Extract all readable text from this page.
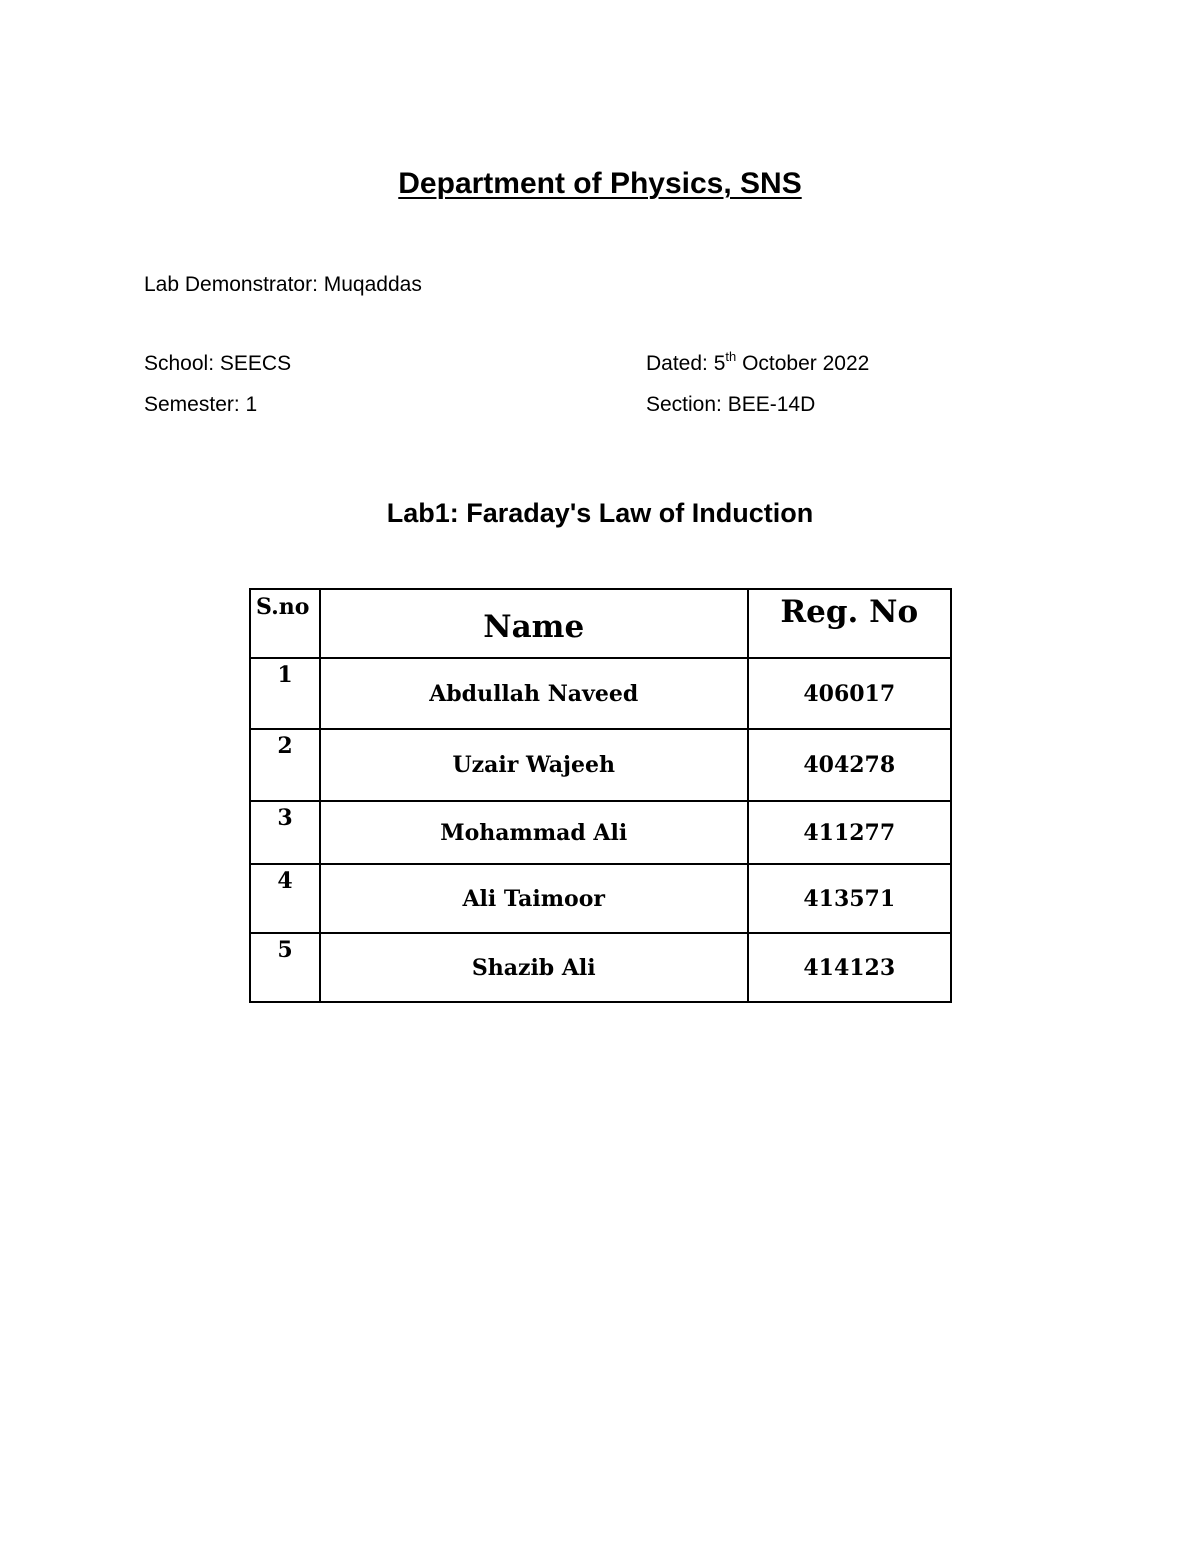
Department of Physics, SNS
Lab Demonstrator: Muqaddas
School: SEECS
Semester: 1
Dated: 5th October 2022
Section: BEE-14D
Lab1: Faraday's Law of Induction
S.no	Name	Reg. No
1	Abdullah Naveed	406017
2	Uzair Wajeeh	404278
3	Mohammad Ali	411277
4	Ali Taimoor	413571
5	Shazib Ali	414123
